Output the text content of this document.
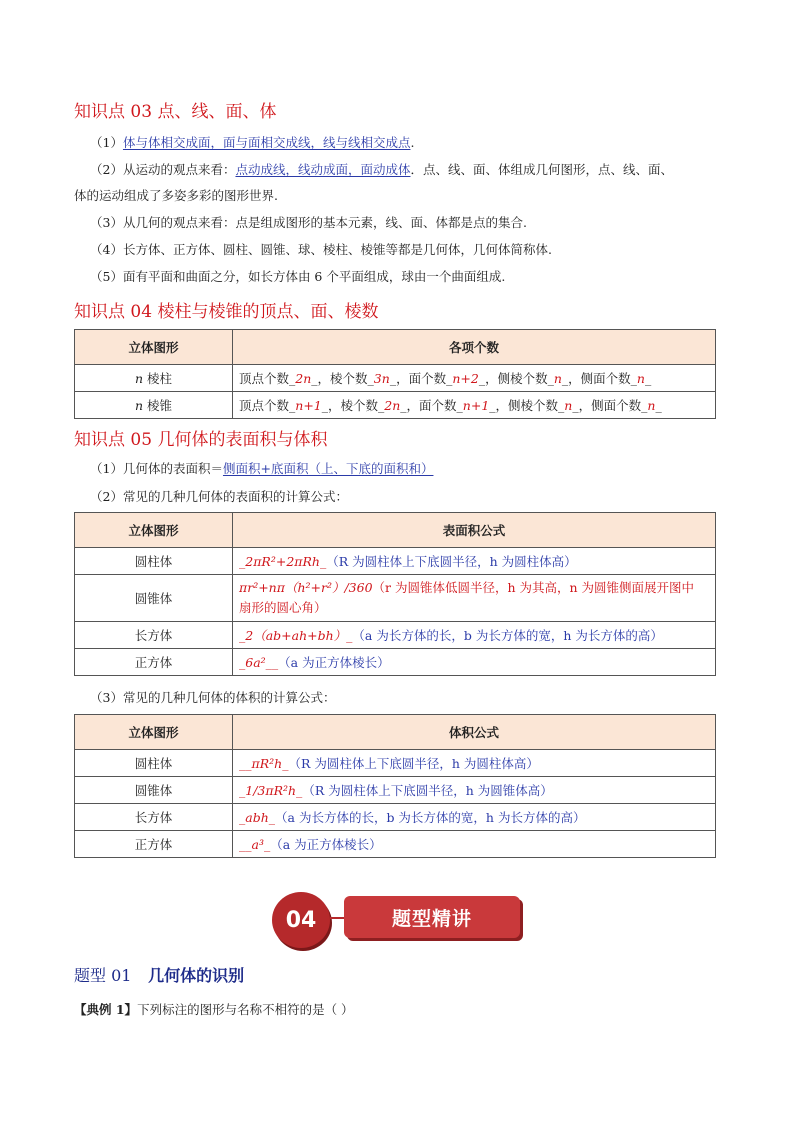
知识点 03 点、线、面、体
（1）体与体相交成面，面与面相交成线，线与线相交成点.
（2）从运动的观点来看：点动成线，线动成面，面动成体．点、线、面、体组成几何图形，点、线、面、
体的运动组成了多姿多彩的图形世界.
（3）从几何的观点来看：点是组成图形的基本元素，线、面、体都是点的集合.
（4）长方体、正方体、圆柱、圆锥、球、棱柱、棱锥等都是几何体，几何体简称体.
（5）面有平面和曲面之分，如长方体由 6 个平面组成，球由一个曲面组成.
知识点 04 棱柱与棱锥的顶点、面、棱数
立体图形	各项个数
n 棱柱	顶点个数_2n_，棱个数_3n_，面个数_n+2_，侧棱个数_n_，侧面个数_n_
n 棱锥	顶点个数_n+1_，棱个数_2n_，面个数_n+1_，侧棱个数_n_，侧面个数_n_
知识点 05 几何体的表面积与体积
（1）几何体的表面积＝侧面积+底面积（上、下底的面积和）
（2）常见的几种几何体的表面积的计算公式：
立体图形	表面积公式
圆柱体	_2πR²+2πRh_（R 为圆柱体上下底圆半径，h 为圆柱体高）
圆锥体	πr²+nπ（h²+r²）/360（r 为圆锥体低圆半径，h 为其高，n 为圆锥侧面展开图中
扇形的圆心角）
长方体	_2（ab+ah+bh）_（a 为长方体的长，b 为长方体的宽，h 为长方体的高）
正方体	_6a²__（a 为正方体棱长）
（3）常见的几种几何体的体积的计算公式：
立体图形	体积公式
圆柱体	__πR²h_（R 为圆柱体上下底圆半径，h 为圆柱体高）
圆锥体	_1/3πR²h_（R 为圆柱体上下底圆半径，h 为圆锥体高）
长方体	_abh_（a 为长方体的长，b 为长方体的宽，h 为长方体的高）
正方体	__a³_（a 为正方体棱长）
04	题型精讲
题型 01 几何体的识别
【典例 1】下列标注的图形与名称不相符的是（ ）
